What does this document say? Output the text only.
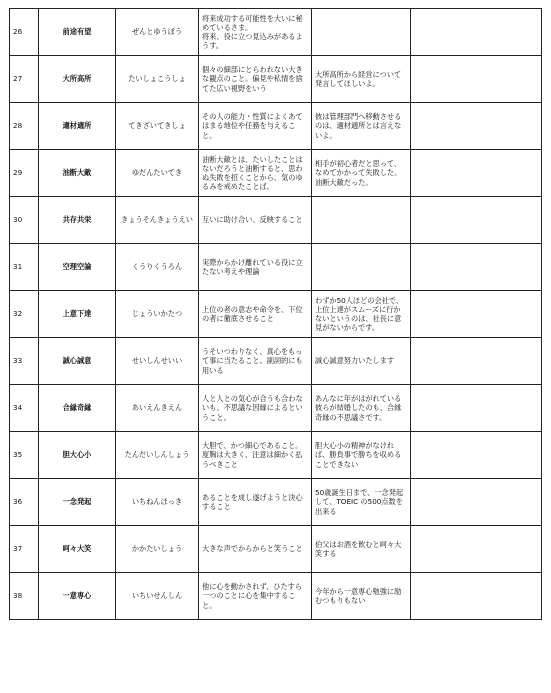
26	前途有望	ぜんとゆうぼう	将来成功する可能性を大いに秘めているさま。
将来、役に立つ見込みがあるようす。		
27	大所高所	たいしょこうしょ	個々の細部にとらわれない大きな観点のこと。偏見や私情を捨てた広い視野をいう	大所高所から経営について発言してほしいよ。	
28	適材適所	てきざいてきしょ	その人の能力・性質によくあてはまる地位や任務を与えること。	彼は管理部門へ移動させるのは、適材適所とは言えないよ。	
29	油断大敵	ゆだんたいてき	油断大敵とは、たいしたことはないだろうと油断すると、思わぬ失敗を招くことから、気のゆるみを戒めたことば。	相手が初心者だと思って、なめてかかって失敗した。油断大敵だった。	
30	共存共栄	きょうそんきょうえい	互いに助け合い、反映すること		
31	空理空論	くうりくうろん	実際からかけ離れている役に立たない考えや理論		
32	上意下達	じょういかたつ	上位の者の意志や命令を、下位の者に徹底させること	わずか50人ほどの会社で、上位上達がスムーズに行かないというのは、社長に意見がないからです。	
33	誠心誠意	せいしんせいい	うそいつわりなく、真心をもって事に当たること。副詞的にも用いる	誠心誠意努力いたします	
34	合縁奇縁	あいえんきえん	人と人との気心が合うも合わないも、不思議な因縁によるということ。	あんなに年がはがれている彼らが結婚したのも、合縁奇縁の不思議さです。	
35	胆大心小	たんだいしんしょう	大胆で、かつ細心であること。度胸は大きく、注意は細かく払うべきこと	胆大心小の精神がなければ、勝負事で勝ちを収めることできない	
36	一念発起	いちねんほっき	あることを成し遂げようと決心すること	50歳誕生日まで、一念発起して、TOEIC の500点数を出来る	
37	呵々大笑	かかたいしょう	大きな声でからからと笑うこと	伯父はお酒を飲むと呵々大笑する	
38	一意専心	いちいせんしん	他に心を動かされず、ひたすら一つのことに心を集中すること。	今年から一意専心勉強に励むつもりもない	
